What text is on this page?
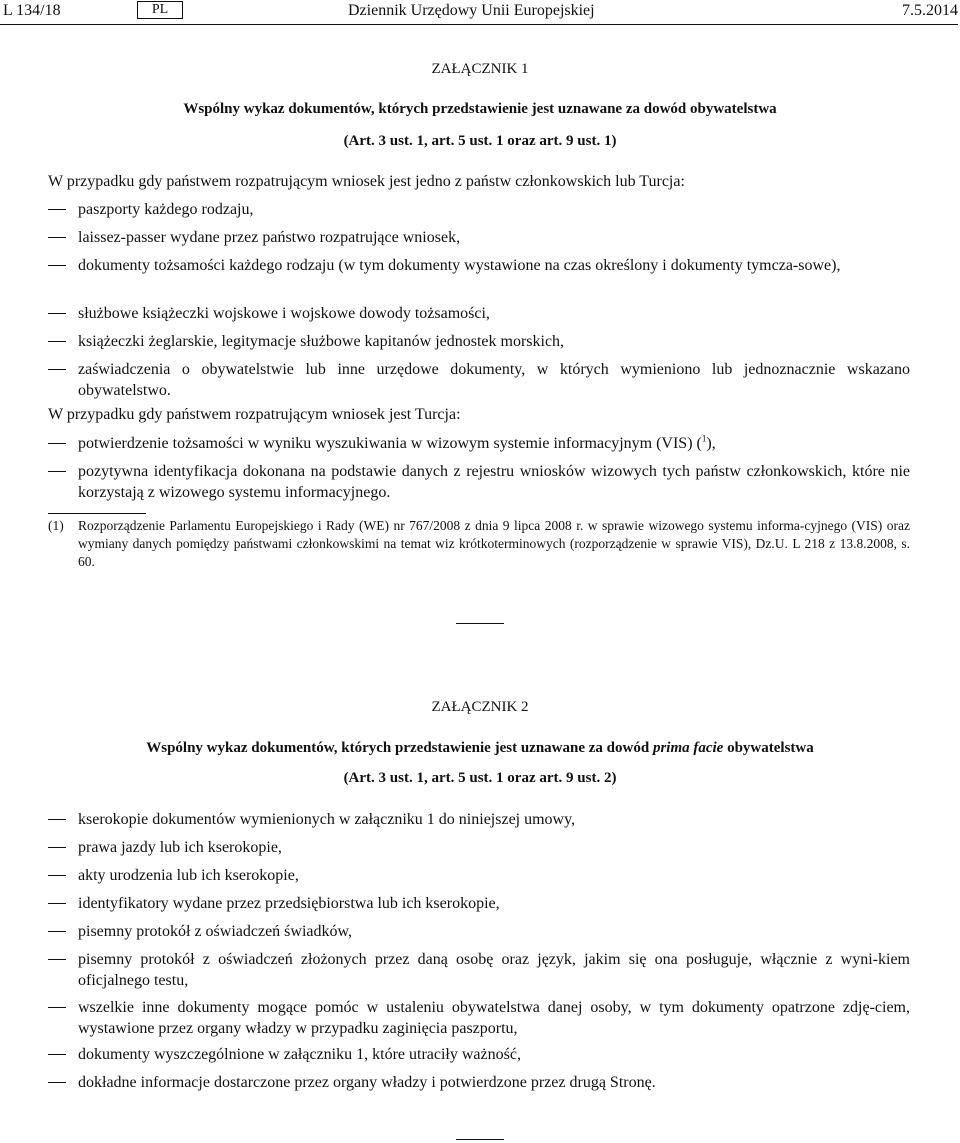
L 134/18	PL	Dziennik Urzędowy Unii Europejskiej	7.5.2014
ZAŁĄCZNIK 1
Wspólny wykaz dokumentów, których przedstawienie jest uznawane za dowód obywatelstwa
(Art. 3 ust. 1, art. 5 ust. 1 oraz art. 9 ust. 1)
W przypadku gdy państwem rozpatrującym wniosek jest jedno z państw członkowskich lub Turcja:
paszporty każdego rodzaju,
laissez-passer wydane przez państwo rozpatrujące wniosek,
dokumenty tożsamości każdego rodzaju (w tym dokumenty wystawione na czas określony i dokumenty tymcza-sowe),
służbowe książeczki wojskowe i wojskowe dowody tożsamości,
książeczki żeglarskie, legitymacje służbowe kapitanów jednostek morskich,
zaświadczenia o obywatelstwie lub inne urzędowe dokumenty, w których wymieniono lub jednoznacznie wskazano obywatelstwo.
W przypadku gdy państwem rozpatrującym wniosek jest Turcja:
potwierdzenie tożsamości w wyniku wyszukiwania w wizowym systemie informacyjnym (VIS) ($^1$),
pozytywna identyfikacja dokonana na podstawie danych z rejestru wniosków wizowych tych państw członkowskich, które nie korzystają z wizowego systemu informacyjnego.
(1) Rozporządzenie Parlamentu Europejskiego i Rady (WE) nr 767/2008 z dnia 9 lipca 2008 r. w sprawie wizowego systemu informa-cyjnego (VIS) oraz wymiany danych pomiędzy państwami członkowskimi na temat wiz krótkoterminowych (rozporządzenie w sprawie VIS), Dz.U. L 218 z 13.8.2008, s. 60.
ZAŁĄCZNIK 2
Wspólny wykaz dokumentów, których przedstawienie jest uznawane za dowód prima facie obywatelstwa
(Art. 3 ust. 1, art. 5 ust. 1 oraz art. 9 ust. 2)
kserokopie dokumentów wymienionych w załączniku 1 do niniejszej umowy,
prawa jazdy lub ich kserokopie,
akty urodzenia lub ich kserokopie,
identyfikatory wydane przez przedsiębiorstwa lub ich kserokopie,
pisemny protokół z oświadczeń świadków,
pisemny protokół z oświadczeń złożonych przez daną osobę oraz język, jakim się ona posługuje, włącznie z wyni-kiem oficjalnego testu,
wszelkie inne dokumenty mogące pomóc w ustaleniu obywatelstwa danej osoby, w tym dokumenty opatrzone zdję-ciem, wystawione przez organy władzy w przypadku zaginięcia paszportu,
dokumenty wyszczególnione w załączniku 1, które utraciły ważność,
dokładne informacje dostarczone przez organy władzy i potwierdzone przez drugą Stronę.
